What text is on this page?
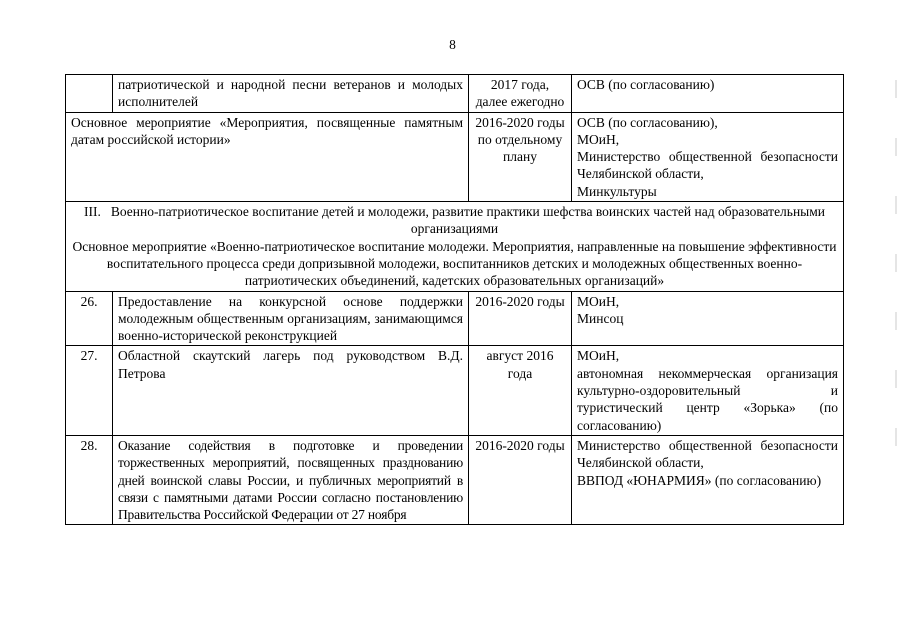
8
	патриотической и народной песни ветеранов и молодых исполнителей	2017 года, далее ежегодно	ОСВ (по согласованию)
Основное мероприятие «Мероприятия, посвященные памятным датам российской истории»		2016-2020 годы по отдельному плану	ОСВ (по согласованию),
МОиН,
Министерство общественной безопасности Челябинской области,
Минкультуры

III. Военно-патриотическое воспитание детей и молодежи, развитие практики шефства воинских частей над образовательными организациями
Основное мероприятие «Военно-патриотическое воспитание молодежи. Мероприятия, направленные на повышение эффективности воспитательного процесса среди допризывной молодежи, воспитанников детских и молодежных общественных военно-патриотических объединений, кадетских образовательных организаций»			

26.	Предоставление на конкурсной основе поддержки молодежным общественным организациям, занимающимся военно-исторической реконструкцией	2016-2020 годы	МОиН,
Минсоц

27.	Областной скаутский лагерь под руководством В.Д. Петрова	август 2016 года	МОиН,
автономная некоммерческая организация культурно-оздоровительный и туристический центр «Зорька» (по согласованию)

28.	Оказание содействия в подготовке и проведении торжественных мероприятий, посвященных празднованию дней воинской славы России, и публичных мероприятий в связи с памятными датами России согласно постановлению Правительства Российской Федерации от 27 ноября	2016-2020 годы	Министерство общественной безопасности Челябинской области,
ВВПОД «ЮНАРМИЯ» (по согласованию)
